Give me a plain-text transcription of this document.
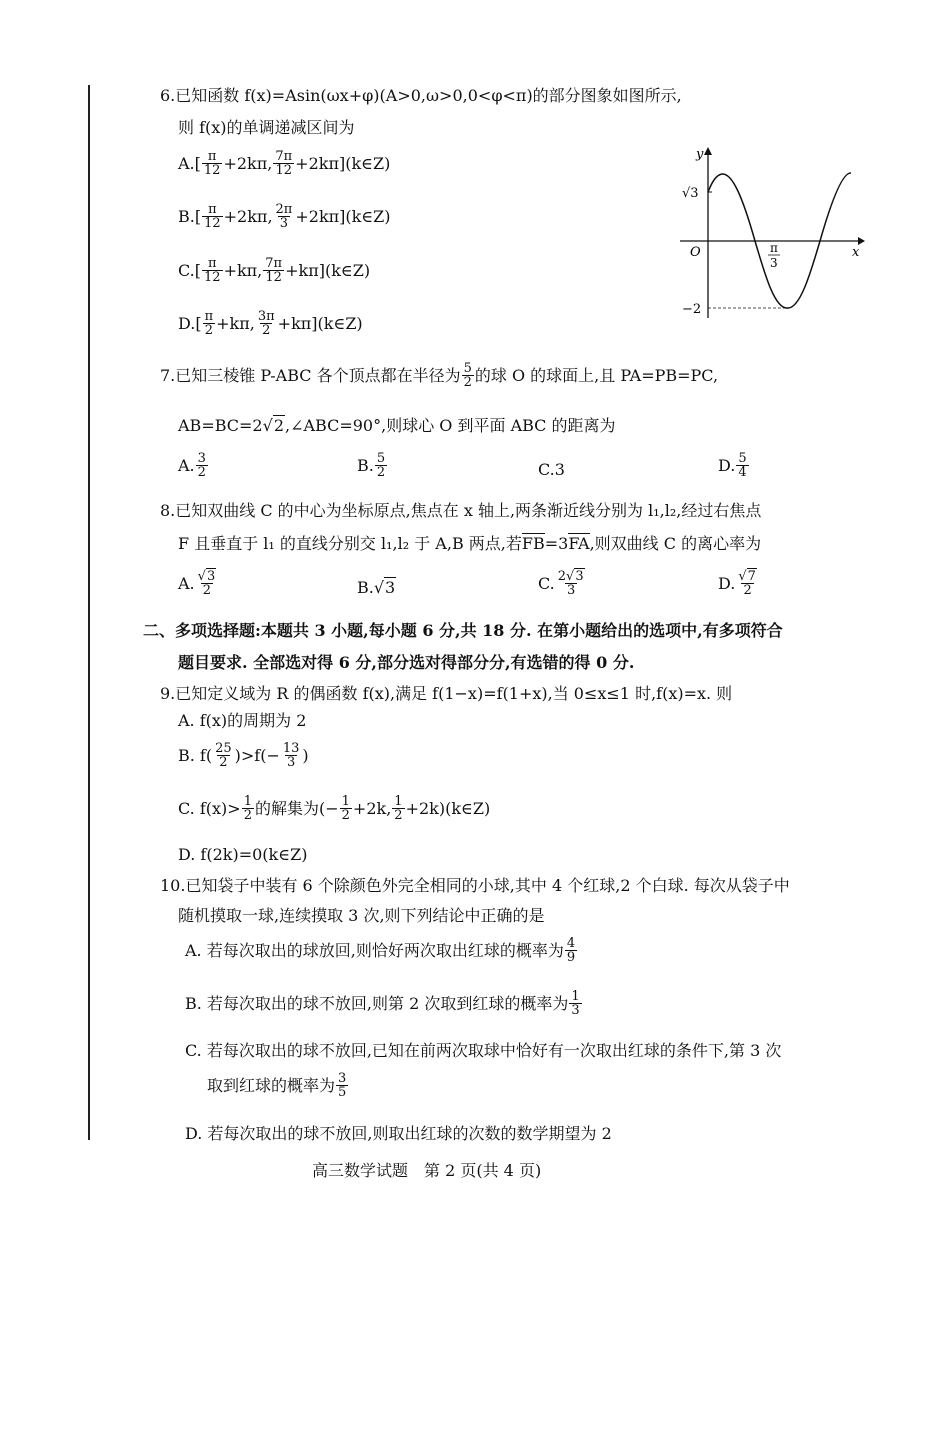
6.已知函数 f(x)=Asin(ωx+φ)(A>0,ω>0,0<φ<π)的部分图象如图所示,
则 f(x)的单调递减区间为
A. [ $\frac{\pi}{12} +2k\pi$, $\frac{7\pi}{12}$ +2kπ](k∈Z)
B. [ $\frac{\pi}{12} +2k\pi$, $\frac{2\pi}{3}$ +2kπ](k∈Z)
C. [ $\frac{\pi}{12} +k\pi$, $\frac{7\pi}{12}$ +kπ](k∈Z)
D. [ $\frac{\pi}{2} +k\pi$, $\frac{3\pi}{2}$ +kπ](k∈Z)
y
x
O
√3
−2
π
3
7.已知三棱锥 P-ABC 各个顶点都在半径为 $\frac{5}{2}$ 的球 O 的球面上,且 PA=PB=PC,
AB=BC=2 √2 ,∠ABC=90°,则球心 O 到平面 ABC 的距离为
A. $\frac{3}{2}$	B. $\frac{5}{2}$	C. 3	D. $\frac{5}{4}$
8.已知双曲线 C 的中心为坐标原点,焦点在 x 轴上,两条渐近线分别为 l₁,l₂,经过右焦点
F 且垂直于 l₁ 的直线分别交 l₁,l₂ 于 A,B 两点,若 FB =3 FA ,则双曲线 C 的离心率为
A. $\frac{√3}{2}$	B. √3	C. $\frac{2√3}{3}$	D. $\frac{√7}{2}$
二、多项选择题:本题共 3 小题,每小题 6 分,共 18 分. 在第小题给出的选项中,有多项符合
题目要求. 全部选对得 6 分,部分选对得部分分,有选错的得 0 分.
9.已知定义域为 R 的偶函数 f(x),满足 f(1−x)=f(1+x),当 0≤x≤1 时,f(x)=x. 则
A. f(x)的周期为 2
B. $f( \frac{25}{2} )>f(- \frac{13}{3}$ )
C. $f(x)> \frac{1}{2}$ 的解集为(− $\frac{1}{2} +2k$, $\frac{1}{2}$ +2k)(k∈Z)
D. f(2k)=0(k∈Z)
10.已知袋子中装有 6 个除颜色外完全相同的小球,其中 4 个红球,2 个白球. 每次从袋子中
随机摸取一球,连续摸取 3 次,则下列结论中正确的是
A. 若每次取出的球放回,则恰好两次取出红球的概率为 $\frac{4}{9}$
B. 若每次取出的球不放回,则第 2 次取到红球的概率为 $\frac{1}{3}$
C. 若每次取出的球不放回,已知在前两次取球中恰好有一次取出红球的条件下,第 3 次
取到红球的概率为 $\frac{3}{5}$
D. 若每次取出的球不放回,则取出红球的次数的数学期望为 2
高三数学试题　第 2 页(共 4 页)
